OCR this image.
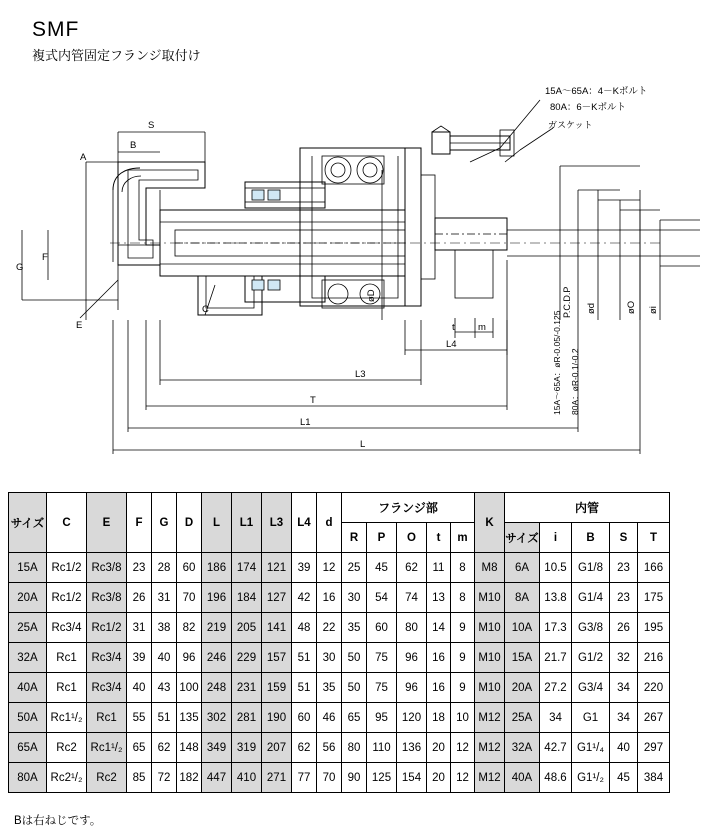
SMF
複式内管固定フランジ取付け
S
B
A
G
F
E
C
øD
t m
L4
L3
T
L1
L
P.C.D.P ød	øO øi
15A～65A：øR-0.05/-0.125 80A：øR-0.1/-0.2
15A～65A：4－Kボルト
80A：6－Kボルト
ガスケット
サイズ	C	E	F	G	D	L	L1	L3	L4	d	フランジ部					K	内管				
											R	P	O	t	m		サイズ	i	B	S	T
15A	Rc1/2	Rc3/8	23	28	60	186	174	121	39	12	25	45	62	11	8	M8	6A	10.5	G1/8	23	166
20A	Rc1/2	Rc3/8	26	31	70	196	184	127	42	16	30	54	74	13	8	M10	8A	13.8	G1/4	23	175
25A	Rc3/4	Rc1/2	31	38	82	219	205	141	48	22	35	60	80	14	9	M10	10A	17.3	G3/8	26	195
32A	Rc1	Rc3/4	39	40	96	246	229	157	51	30	50	75	96	16	9	M10	15A	21.7	G1/2	32	216
40A	Rc1	Rc3/4	40	43	100	248	231	159	51	35	50	75	96	16	9	M10	20A	27.2	G3/4	34	220
50A	Rc1¹/₂	Rc1	55	51	135	302	281	190	60	46	65	95	120	18	10	M12	25A	34	G1	34	267
65A	Rc2	Rc1¹/₂	65	62	148	349	319	207	62	56	80	110	136	20	12	M12	32A	42.7	G1¹/₄	40	297
80A	Rc2¹/₂	Rc2	85	72	182	447	410	271	77	70	90	125	154	20	12	M12	40A	48.6	G1¹/₂	45	384
Bは右ねじです。
